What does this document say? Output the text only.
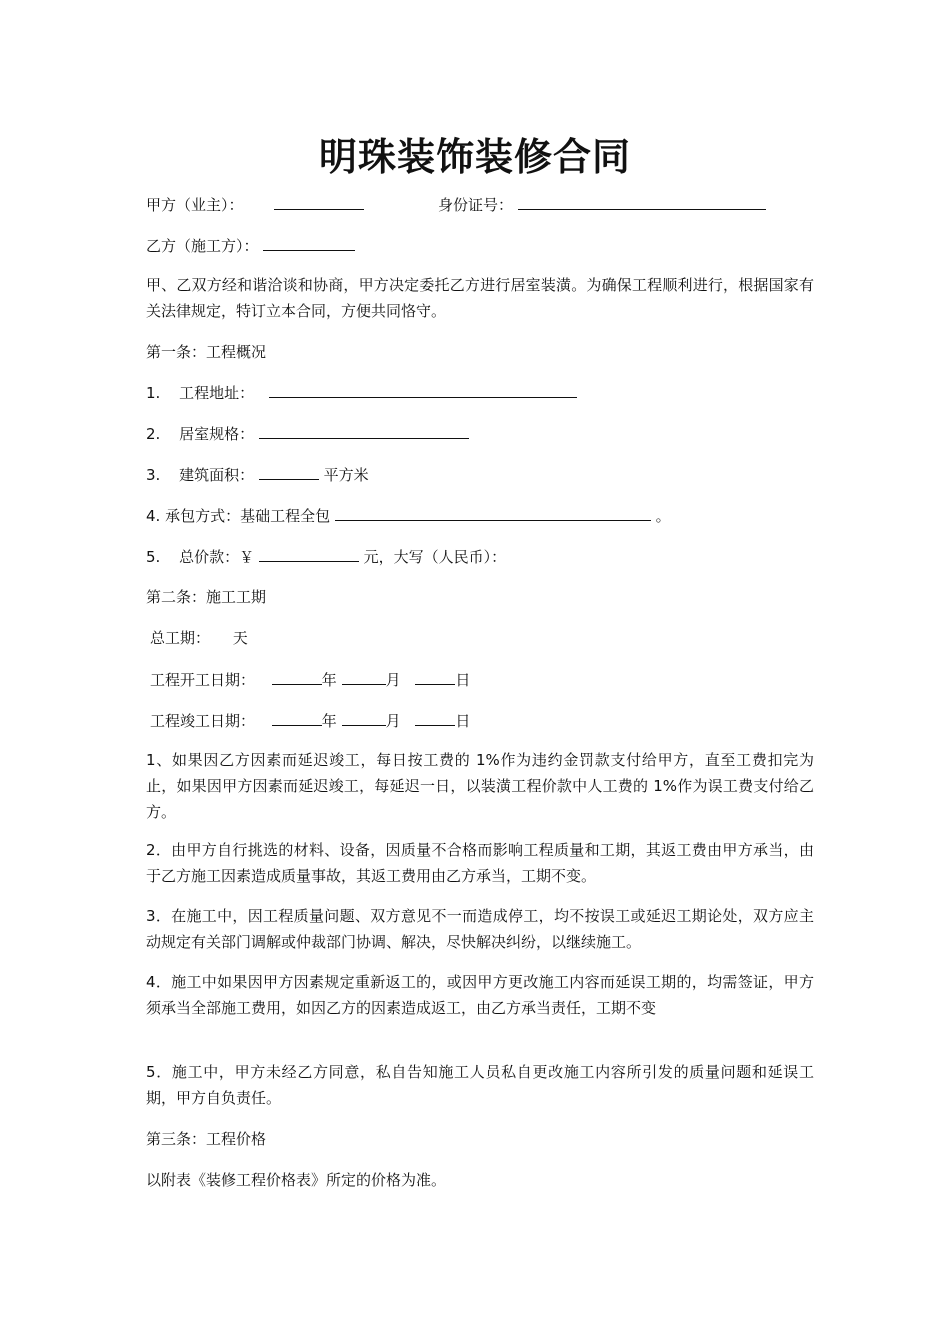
明珠装饰装修合同
甲方（业主）：	身份证号：
乙方（施工方）：
甲、乙双方经和谐洽谈和协商，甲方决定委托乙方进行居室装潢。为确保工程顺利进行，根据国家有关法律规定，特订立本合同，方便共同恪守。
第一条：工程概况
1. 工程地址：
2. 居室规格：
3. 建筑面积：	平方米
4. 承包方式：基础工程全包	。
5. 总价款：￥	元，大写（人民币）：
第二条：施工工期
总工期： 天
工程开工日期：	年	月	日
工程竣工日期：	年	月	日
1、如果因乙方因素而延迟竣工，每日按工费的 1%作为违约金罚款支付给甲方，直至工费扣完为止，如果因甲方因素而延迟竣工，每延迟一日，以装潢工程价款中人工费的 1%作为误工费支付给乙方。
2．由甲方自行挑选的材料、设备，因质量不合格而影响工程质量和工期，其返工费由甲方承当，由于乙方施工因素造成质量事故，其返工费用由乙方承当，工期不变。
3．在施工中，因工程质量问题、双方意见不一而造成停工，均不按误工或延迟工期论处，双方应主动规定有关部门调解或仲裁部门协调、解决，尽快解决纠纷，以继续施工。
4．施工中如果因甲方因素规定重新返工的，或因甲方更改施工内容而延误工期的，均需签证，甲方须承当全部施工费用，如因乙方的因素造成返工，由乙方承当责任，工期不变
5．施工中，甲方未经乙方同意，私自告知施工人员私自更改施工内容所引发的质量问题和延误工期，甲方自负责任。
第三条：工程价格
以附表《装修工程价格表》所定的价格为准。
